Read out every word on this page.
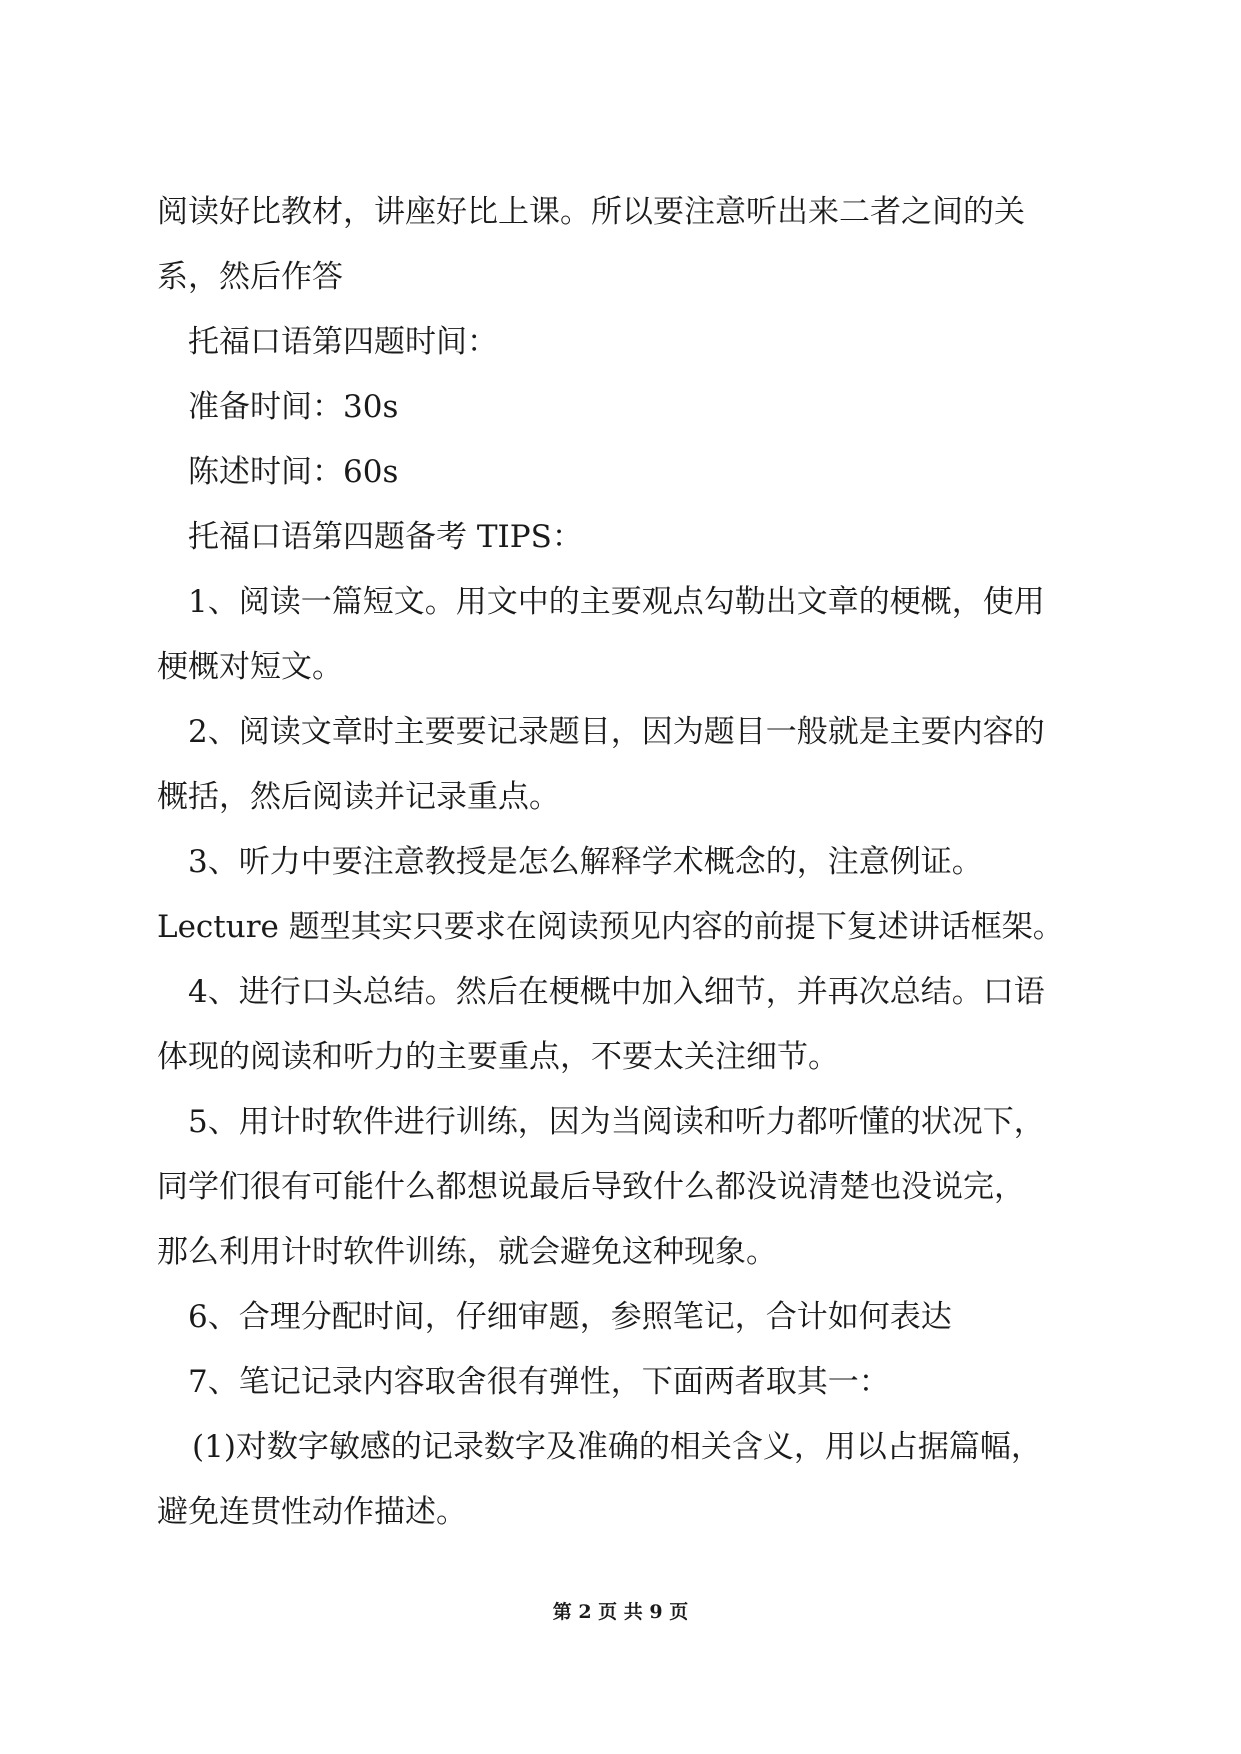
阅读好比教材，讲座好比上课。所以要注意听出来二者之间的关
系，然后作答
托福口语第四题时间：
准备时间：30s
陈述时间：60s
托福口语第四题备考 TIPS：
1、阅读一篇短文。用文中的主要观点勾勒出文章的梗概，使用
梗概对短文。
2、阅读文章时主要要记录题目，因为题目一般就是主要内容的
概括，然后阅读并记录重点。
3、听力中要注意教授是怎么解释学术概念的，注意例证。
Lecture 题型其实只要求在阅读预见内容的前提下复述讲话框架。
4、进行口头总结。然后在梗概中加入细节，并再次总结。口语
体现的阅读和听力的主要重点，不要太关注细节。
5、用计时软件进行训练，因为当阅读和听力都听懂的状况下，
同学们很有可能什么都想说最后导致什么都没说清楚也没说完，
那么利用计时软件训练，就会避免这种现象。
6、合理分配时间，仔细审题，参照笔记，合计如何表达
7、笔记记录内容取舍很有弹性，下面两者取其一：
(1)对数字敏感的记录数字及准确的相关含义，用以占据篇幅，
避免连贯性动作描述。
第 2 页 共 9 页
